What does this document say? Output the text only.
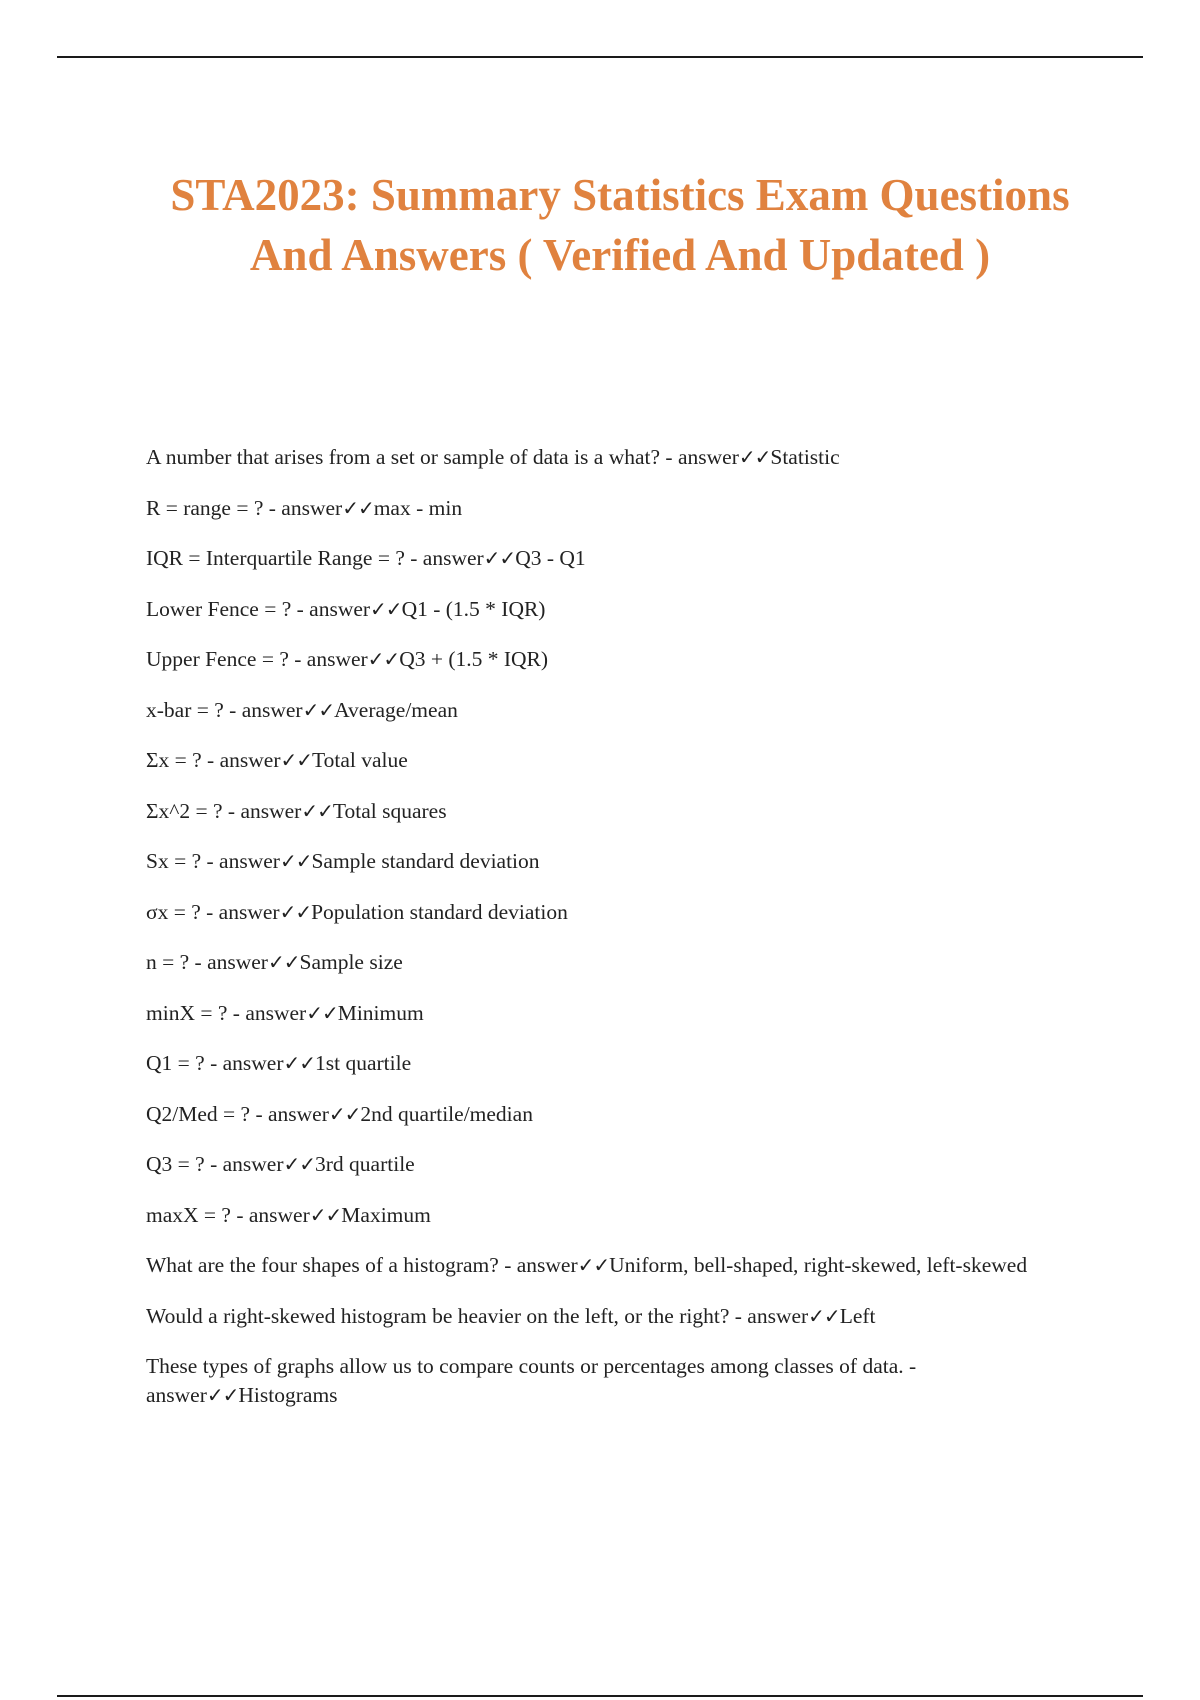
STA2023: Summary Statistics Exam Questions And Answers ( Verified And Updated )
A number that arises from a set or sample of data is a what? - answer✓✓Statistic
R = range = ? - answer✓✓max - min
IQR = Interquartile Range = ? - answer✓✓Q3 - Q1
Lower Fence = ? - answer✓✓Q1 - (1.5 * IQR)
Upper Fence = ? - answer✓✓Q3 + (1.5 * IQR)
x-bar = ? - answer✓✓Average/mean
Σx = ? - answer✓✓Total value
Σx^2 = ? - answer✓✓Total squares
Sx = ? - answer✓✓Sample standard deviation
σx = ? - answer✓✓Population standard deviation
n = ? - answer✓✓Sample size
minX = ? - answer✓✓Minimum
Q1 = ? - answer✓✓1st quartile
Q2/Med = ? - answer✓✓2nd quartile/median
Q3 = ? - answer✓✓3rd quartile
maxX = ? - answer✓✓Maximum
What are the four shapes of a histogram? - answer✓✓Uniform, bell-shaped, right-skewed, left-skewed
Would a right-skewed histogram be heavier on the left, or the right? - answer✓✓Left
These types of graphs allow us to compare counts or percentages among classes of data. - answer✓✓Histograms
